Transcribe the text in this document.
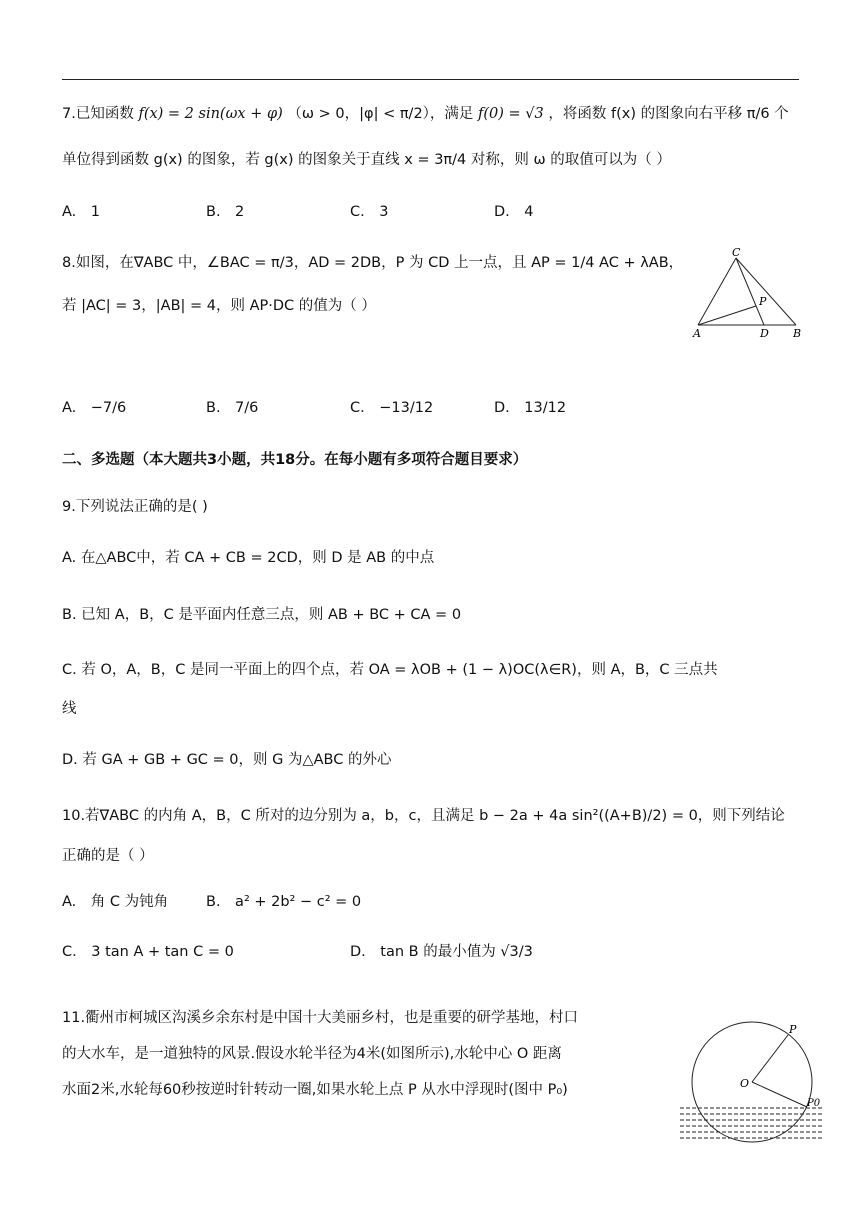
7.已知函数 f(x) = 2 sin(ωx + φ) （ω > 0，|φ| < π/2），满足 f(0) = √3 ，将函数 f(x) 的图象向右平移 π/6 个
单位得到函数 g(x) 的图象，若 g(x) 的图象关于直线 x = 3π/4 对称，则 ω 的取值可以为（ ）
A.　1	B.　2	C.　3	D.　4
8.如图，在∇ABC 中，∠BAC = π/3，AD = 2DB，P 为 CD 上一点，且 AP = 1/4 AC + λAB，
若 |AC| = 3，|AB| = 4，则 AP·DC 的值为（ ）
C
P
A	D B
A.　−7/6	B.　7/6	C.　−13/12	D.　13/12
二、多选题（本大题共3小题，共18分。在每小题有多项符合题目要求）
9.下列说法正确的是( )
A. 在△ABC中，若 CA + CB = 2CD，则 D 是 AB 的中点
B. 已知 A，B，C 是平面内任意三点，则 AB + BC + CA = 0
C. 若 O，A，B，C 是同一平面上的四个点，若 OA = λOB + (1 − λ)OC(λ∈R)，则 A，B，C 三点共
线
D. 若 GA + GB + GC = 0，则 G 为△ABC 的外心
10.若∇ABC 的内角 A，B，C 所对的边分别为 a，b，c，且满足 b − 2a + 4a sin²((A+B)/2) = 0，则下列结论
正确的是（ ）
A.　角 C 为钝角	B.　a² + 2b² − c² = 0
C.　3 tan A + tan C = 0	D.　tan B 的最小值为 √3/3
11.衢州市柯城区沟溪乡余东村是中国十大美丽乡村，也是重要的研学基地，村口
的大水车，是一道独特的风景.假设水轮半径为4米(如图所示),水轮中心 O 距离
水面2米,水轮每60秒按逆时针转动一圈,如果水轮上点 P 从水中浮现时(图中 P₀)
P
O
P0
